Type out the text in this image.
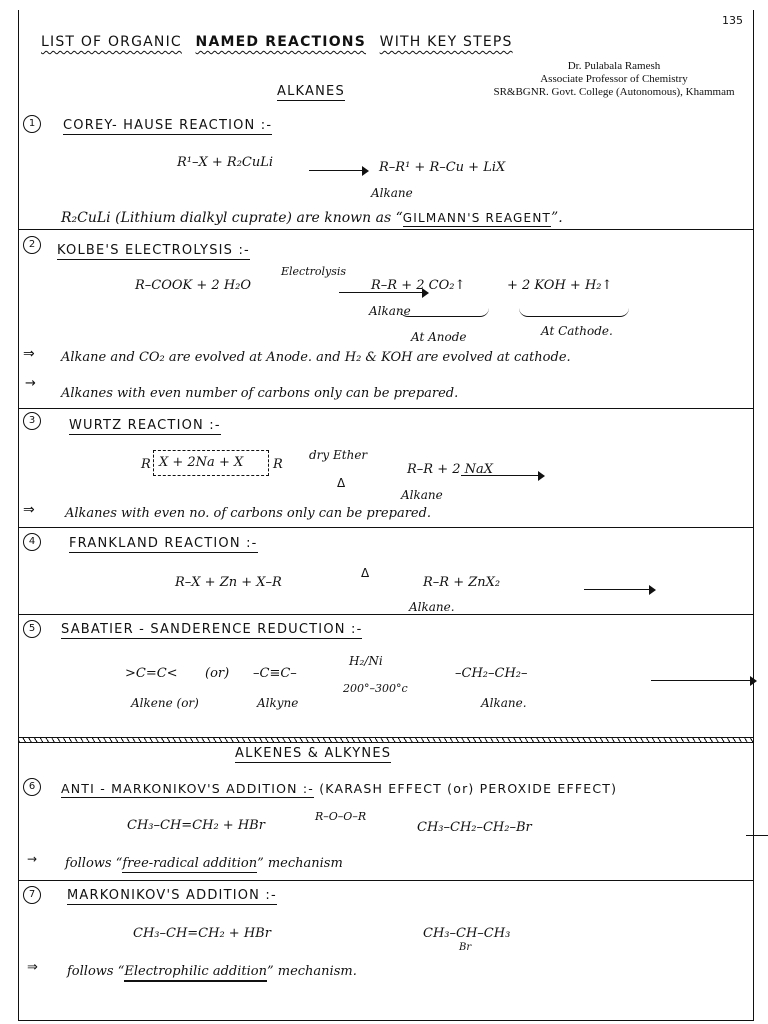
135
LIST OF ORGANIC NAMED REACTIONS WITH KEY STEPS
Dr. Pulabala Ramesh
Associate Professor of Chemistry
SR&BGNR. Govt. College (Autonomous), Khammam
ALKANES
1	COREY- HAUSE REACTION :-
R¹–X + R₂CuLi
	R–R¹ + R–Cu + LiX
Alkane
R₂CuLi (Lithium dialkyl cuprate) are known as “GILMANN'S REAGENT”.
2	KOLBE'S ELECTROLYSIS :-
R–COOK + 2 H₂O
Electrolysis

R–R + 2 CO₂↑	+ 2 KOH + H₂↑
Alkane
At Anode	At Cathode.
⇒ Alkane and CO₂ are evolved at Anode. and H₂ & KOH are evolved at cathode.
→
Alkanes with even number of carbons only can be prepared.
3	WURTZ REACTION :-
R X + 2Na + X R
dry Ether

Δ
R–R + 2 NaX
Alkane
⇒ Alkanes with even no. of carbons only can be prepared.
4	FRANKLAND REACTION :-
R–X + Zn + X–R
Δ

R–R + ZnX₂
Alkane.
5	SABATIER - SANDERENCE REDUCTION :-
>C=C< (or) –C≡C–
H₂/Ni

200°–300°c
–CH₂–CH₂–
Alkene (or)	Alkyne	Alkane.
ALKENES & ALKYNES
6	ANTI - MARKONIKOV'S ADDITION :- (KARASH EFFECT (or) PEROXIDE EFFECT)
CH₃–CH=CH₂ + HBr
R–O–O–R

CH₃–CH₂–CH₂–Br
→ follows “free-radical addition” mechanism
7	MARKONIKOV'S ADDITION :-
CH₃–CH=CH₂ + HBr	CH₃–CH–CH₃
Br
⇒ follows “Electrophilic addition” mechanism.
